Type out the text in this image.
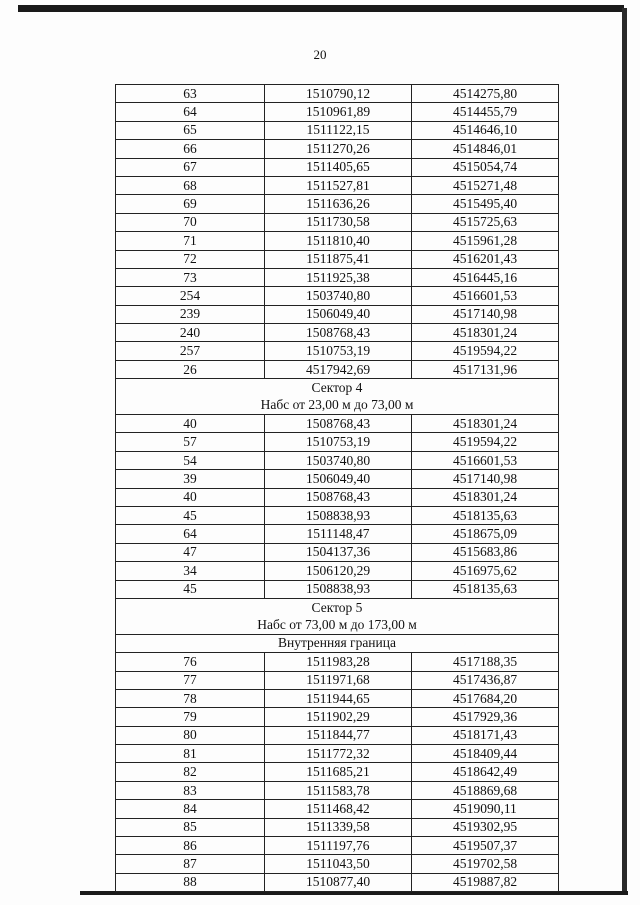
20
63	1510790,12	4514275,80
64	1510961,89	4514455,79
65	1511122,15	4514646,10
66	1511270,26	4514846,01
67	1511405,65	4515054,74
68	1511527,81	4515271,48
69	1511636,26	4515495,40
70	1511730,58	4515725,63
71	1511810,40	4515961,28
72	1511875,41	4516201,43
73	1511925,38	4516445,16
254	1503740,80	4516601,53
239	1506049,40	4517140,98
240	1508768,43	4518301,24
257	1510753,19	4519594,22
26	4517942,69	4517131,96
Сектор 4		
Набс от 23,00 м до 73,00 м		
40	1508768,43	4518301,24
57	1510753,19	4519594,22
54	1503740,80	4516601,53
39	1506049,40	4517140,98
40	1508768,43	4518301,24
45	1508838,93	4518135,63
64	1511148,47	4518675,09
47	1504137,36	4515683,86
34	1506120,29	4516975,62
45	1508838,93	4518135,63
Сектор 5		
Набс от 73,00 м до 173,00 м		
Внутренняя граница		
76	1511983,28	4517188,35
77	1511971,68	4517436,87
78	1511944,65	4517684,20
79	1511902,29	4517929,36
80	1511844,77	4518171,43
81	1511772,32	4518409,44
82	1511685,21	4518642,49
83	1511583,78	4518869,68
84	1511468,42	4519090,11
85	1511339,58	4519302,95
86	1511197,76	4519507,37
87	1511043,50	4519702,58
88	1510877,40	4519887,82
